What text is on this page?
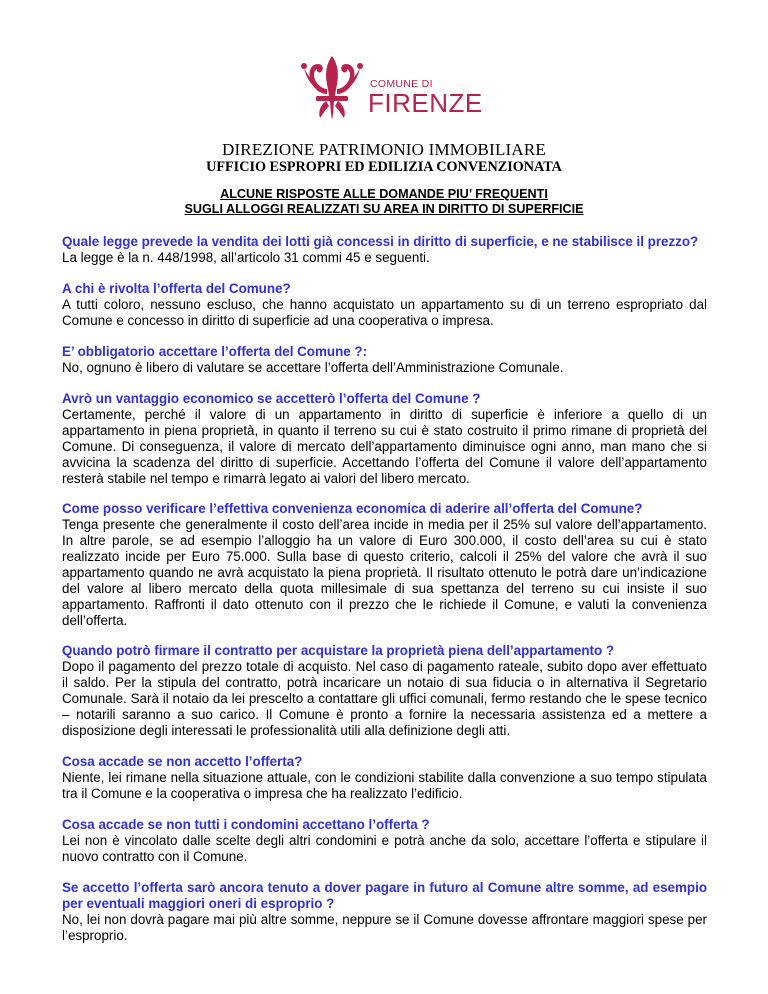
COMUNE DI
FIRENZE
DIREZIONE PATRIMONIO IMMOBILIARE
UFFICIO ESPROPRI ED EDILIZIA CONVENZIONATA
ALCUNE RISPOSTE ALLE DOMANDE PIU’ FREQUENTI
SUGLI ALLOGGI REALIZZATI SU AREA IN DIRITTO DI SUPERFICIE
Quale legge prevede la vendita dei lotti già concessi in diritto di superficie, e ne stabilisce il prezzo?
La legge è la n. 448/1998, all’articolo 31 commi 45 e seguenti.
A chi è rivolta l’offerta del Comune?
A tutti coloro, nessuno escluso, che hanno acquistato un appartamento su di un terreno espropriato dal Comune e concesso in diritto di superficie ad una cooperativa o impresa.
E’ obbligatorio accettare l’offerta del Comune ?:
No, ognuno è libero di valutare se accettare l’offerta dell’Amministrazione Comunale.
Avrò un vantaggio economico se accetterò l’offerta del Comune ?
Certamente, perché il valore di un appartamento in diritto di superficie è inferiore a quello di un appartamento in piena proprietà, in quanto il terreno su cui è stato costruito il primo rimane di proprietà del Comune. Di conseguenza, il valore di mercato dell’appartamento diminuisce ogni anno, man mano che si avvicina la scadenza del diritto di superficie. Accettando l’offerta del Comune il valore dell’appartamento resterà stabile nel tempo e rimarrà legato ai valori del libero mercato.
Come posso verificare l’effettiva convenienza economica di aderire all’offerta del Comune?
Tenga presente che generalmente il costo dell’area incide in media per il 25% sul valore dell’appartamento. In altre parole, se ad esempio l’alloggio ha un valore di Euro 300.000, il costo dell’area su cui è stato realizzato incide per Euro 75.000. Sulla base di questo criterio, calcoli il 25% del valore che avrà il suo appartamento quando ne avrà acquistato la piena proprietà. Il risultato ottenuto le potrà dare un’indicazione del valore al libero mercato della quota millesimale di sua spettanza del terreno su cui insiste il suo appartamento. Raffronti il dato ottenuto con il prezzo che le richiede il Comune, e valuti la convenienza dell’offerta.
Quando potrò firmare il contratto per acquistare la proprietà piena dell’appartamento ?
Dopo il pagamento del prezzo totale di acquisto. Nel caso di pagamento rateale, subito dopo aver effettuato il saldo. Per la stipula del contratto, potrà incaricare un notaio di sua fiducia o in alternativa il Segretario Comunale. Sarà il notaio da lei prescelto a contattare gli uffici comunali, fermo restando che le spese tecnico – notarili saranno a suo carico. Il Comune è pronto a fornire la necessaria assistenza ed a mettere a disposizione degli interessati le professionalità utili alla definizione degli atti.
Cosa accade se non accetto l’offerta?
Niente, lei rimane nella situazione attuale, con le condizioni stabilite dalla convenzione a suo tempo stipulata tra il Comune e la cooperativa o impresa che ha realizzato l’edificio.
Cosa accade se non tutti i condomini accettano l’offerta ?
Lei non è vincolato dalle scelte degli altri condomini e potrà anche da solo, accettare l’offerta e stipulare il nuovo contratto con il Comune.
Se accetto l’offerta sarò ancora tenuto a dover pagare in futuro al Comune altre somme, ad esempio per eventuali maggiori oneri di esproprio ?
No, lei non dovrà pagare mai più altre somme, neppure se il Comune dovesse affrontare maggiori spese per l’esproprio.
